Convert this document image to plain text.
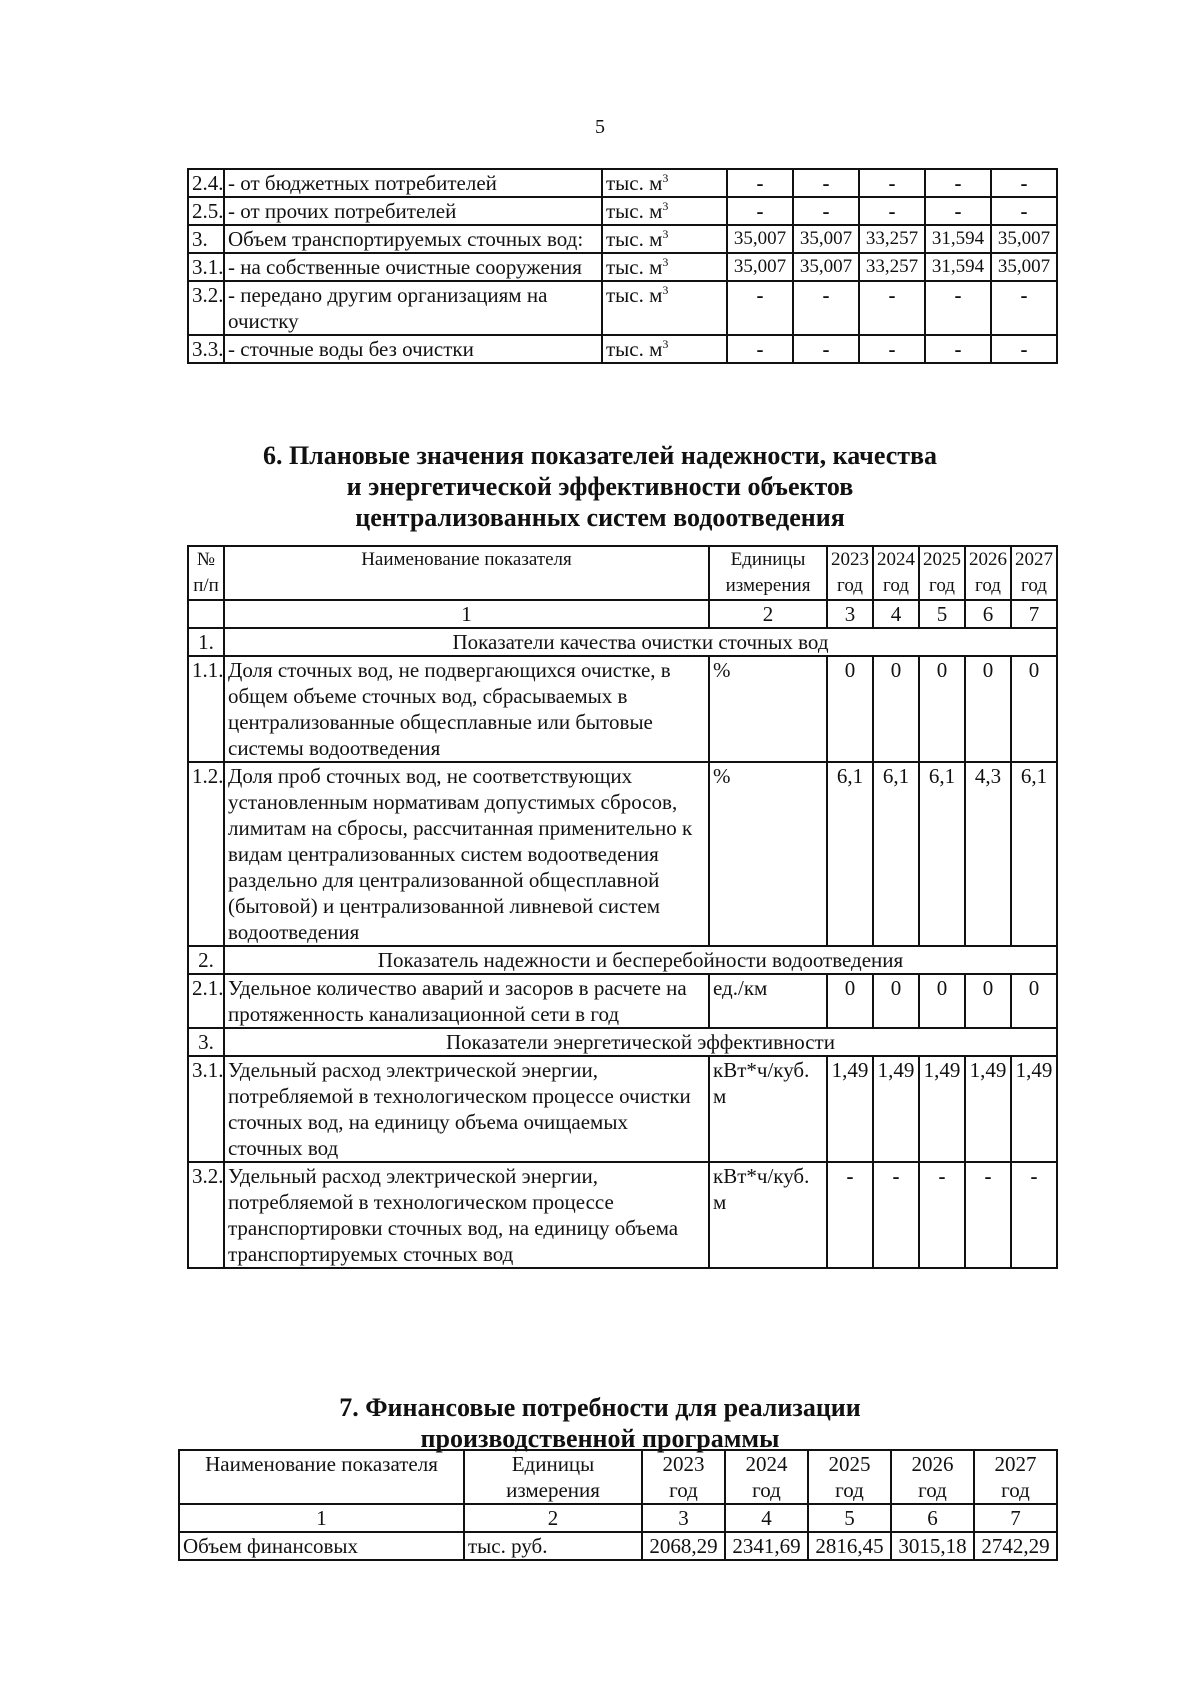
5
2.4.	- от бюджетных потребителей	тыс. $м^3$	-	-	-	-	-
2.5.	- от прочих потребителей	тыс. $м^3$	-	-	-	-	-
3.	Объем транспортируемых сточных вод:	тыс. $м^3$	35,007	35,007	33,257	31,594	35,007
3.1.	- на собственные очистные сооружения	тыс. $м^3$	35,007	35,007	33,257	31,594	35,007
3.2.	- передано другим организациям на очистку	тыс. $м^3$	-	-	-	-	-
3.3.	- сточные воды без очистки	тыс. $м^3$	-	-	-	-	-
6. Плановые значения показателей надежности, качества
и энергетической эффективности объектов
централизованных систем водоотведения
№ п/п	Наименование показателя	Единицы измерения	2023 год	2024 год	2025 год	2026 год	2027 год
	1	2	3	4	5	6	7
1.	Показатели качества очистки сточных вод						
1.1.	Доля сточных вод, не подвергающихся очистке, в общем объеме сточных вод, сбрасываемых в централизованные общесплавные или бытовые системы водоотведения	%	0	0	0	0	0
1.2.	Доля проб сточных вод, не соответствующих установленным нормативам допустимых сбросов, лимитам на сбросы, рассчитанная применительно к видам централизованных систем водоотведения раздельно для централизованной общесплавной (бытовой) и централизованной ливневой систем водоотведения	%	6,1	6,1	6,1	4,3	6,1
2.	Показатель надежности и бесперебойности водоотведения						
2.1.	Удельное количество аварий и засоров в расчете на протяженность канализационной сети в год	ед./км	0	0	0	0	0
3.	Показатели энергетической эффективности						
3.1.	Удельный расход электрической энергии, потребляемой в технологическом процессе очистки сточных вод, на единицу объема очищаемых сточных вод	кВт*ч/куб. м	1,49	1,49	1,49	1,49	1,49
3.2.	Удельный расход электрической энергии, потребляемой в технологическом процессе транспортировки сточных вод, на единицу объема транспортируемых сточных вод	кВт*ч/куб. м	-	-	-	-	-
7. Финансовые потребности для реализации
производственной программы
Наименование показателя	Единицы измерения	2023 год	2024 год	2025 год	2026 год	2027 год
1	2	3	4	5	6	7
Объем финансовых	тыс. руб.	2068,29	2341,69	2816,45	3015,18	2742,29
